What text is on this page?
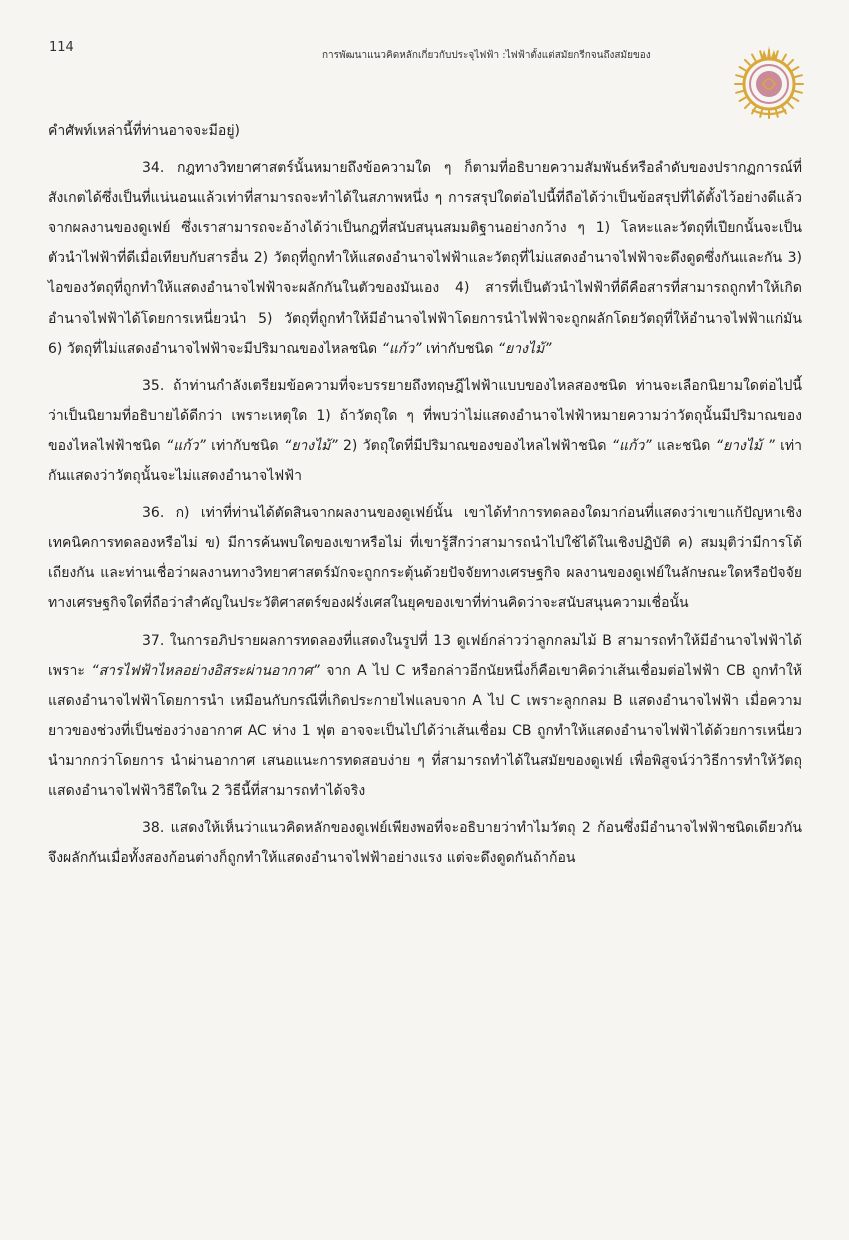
114
การพัฒนาแนวคิดหลักเกี่ยวกับประจุไฟฟ้า :ไฟฟ้าตั้งแต่สมัยกรีกจนถึงสมัยของ

คำศัพท์เหล่านี้ที่ท่านอาจจะมีอยู่)

34. กฎทางวิทยาศาสตร์นั้นหมายถึงข้อความใด ๆ ก็ตามที่อธิบายความสัมพันธ์หรือลำดับของปรากฏการณ์ที่สังเกตได้ซึ่งเป็นที่แน่นอนแล้วเท่าที่สามารถจะทำได้ในสภาพหนึ่ง ๆ การสรุปใดต่อไปนี้ที่ถือได้ว่าเป็นข้อสรุปที่ได้ตั้งไว้อย่างดีแล้วจากผลงานของดูเฟย์ ซึ่งเราสามารถจะอ้างได้ว่าเป็นกฎที่สนับสนุนสมมติฐานอย่างกว้าง ๆ 1) โลหะและวัตถุที่เปียกนั้นจะเป็นตัวนำไฟฟ้าที่ดีเมื่อเทียบกับสารอื่น 2) วัตถุที่ถูกทำให้แสดงอำนาจไฟฟ้าและวัตถุที่ไม่แสดงอำนาจไฟฟ้าจะดึงดูดซึ่งกันและกัน 3) ไอของวัตถุที่ถูกทำให้แสดงอำนาจไฟฟ้าจะผลักกันในตัวของมันเอง 4) สารที่เป็นตัวนำไฟฟ้าที่ดีคือสารที่สามารถถูกทำให้เกิดอำนาจไฟฟ้าได้โดยการเหนี่ยวนำ 5) วัตถุที่ถูกทำให้มีอำนาจไฟฟ้าโดยการนำไฟฟ้าจะถูกผลักโดยวัตถุที่ให้อำนาจไฟฟ้าแก่มัน 6) วัตถุที่ไม่แสดงอำนาจไฟฟ้าจะมีปริมาณของไหลชนิด “แก้ว” เท่ากับชนิด “ยางไม้”

35. ถ้าท่านกำลังเตรียมข้อความที่จะบรรยายถึงทฤษฎีไฟฟ้าแบบของไหลสองชนิด ท่านจะเลือกนิยามใดต่อไปนี้ว่าเป็นนิยามที่อธิบายได้ดีกว่า เพราะเหตุใด 1) ถ้าวัตถุใด ๆ ที่พบว่าไม่แสดงอำนาจไฟฟ้าหมายความว่าวัตถุนั้นมีปริมาณของของไหลไฟฟ้าชนิด “แก้ว” เท่ากับชนิด “ยางไม้” 2) วัตถุใดที่มีปริมาณของของไหลไฟฟ้าชนิด “แก้ว” และชนิด “ยางไม้ ” เท่ากันแสดงว่าวัตถุนั้นจะไม่แสดงอำนาจไฟฟ้า

36. ก) เท่าที่ท่านได้ตัดสินจากผลงานของดูเฟย์นั้น เขาได้ทำการทดลองใดมาก่อนที่แสดงว่าเขาแก้ปัญหาเชิงเทคนิคการทดลองหรือไม่ ข) มีการค้นพบใดของเขาหรือไม่ ที่เขารู้สึกว่าสามารถนำไปใช้ได้ในเชิงปฏิบัติ ค) สมมุติว่ามีการโต้เถียงกัน และท่านเชื่อว่าผลงานทางวิทยาศาสตร์มักจะถูกกระตุ้นด้วยปัจจัยทางเศรษฐกิจ ผลงานของดูเฟย์ในลักษณะใดหรือปัจจัยทางเศรษฐกิจใดที่ถือว่าสำคัญในประวัติศาสตร์ของฝรั่งเศสในยุคของเขาที่ท่านคิดว่าจะสนับสนุนความเชื่อนั้น

37. ในการอภิปรายผลการทดลองที่แสดงในรูปที่ 13 ดูเฟย์กล่าวว่าลูกกลมไม้ B สามารถทำให้มีอำนาจไฟฟ้าได้เพราะ “สารไฟฟ้าไหลอย่างอิสระผ่านอากาศ” จาก A ไป C หรือกล่าวอีกนัยหนึ่งก็คือเขาคิดว่าเส้นเชื่อมต่อไฟฟ้า CB ถูกทำให้แสดงอำนาจไฟฟ้าโดยการนำ เหมือนกับกรณีที่เกิดประกายไฟแลบจาก A ไป C เพราะลูกกลม B แสดงอำนาจไฟฟ้า เมื่อความยาวของช่วงที่เป็นช่องว่างอากาศ AC ห่าง 1 ฟุต อาจจะเป็นไปได้ว่าเส้นเชื่อม CB ถูกทำให้แสดงอำนาจไฟฟ้าได้ด้วยการเหนี่ยวนำมากกว่าโดยการ นำผ่านอากาศ เสนอแนะการทดสอบง่าย ๆ ที่สามารถทำได้ในสมัยของดูเฟย์ เพื่อพิสูจน์ว่าวิธีการทำให้วัตถุแสดงอำนาจไฟฟ้าวิธีใดใน 2 วิธีนี้ที่สามารถทำได้จริง

38. แสดงให้เห็นว่าแนวคิดหลักของดูเฟย์เพียงพอที่จะอธิบายว่าทำไมวัตถุ 2 ก้อนซึ่งมีอำนาจไฟฟ้าชนิดเดียวกันจึงผลักกันเมื่อทั้งสองก้อนต่างก็ถูกทำให้แสดงอำนาจไฟฟ้าอย่างแรง แต่จะดึงดูดกันถ้าก้อน
